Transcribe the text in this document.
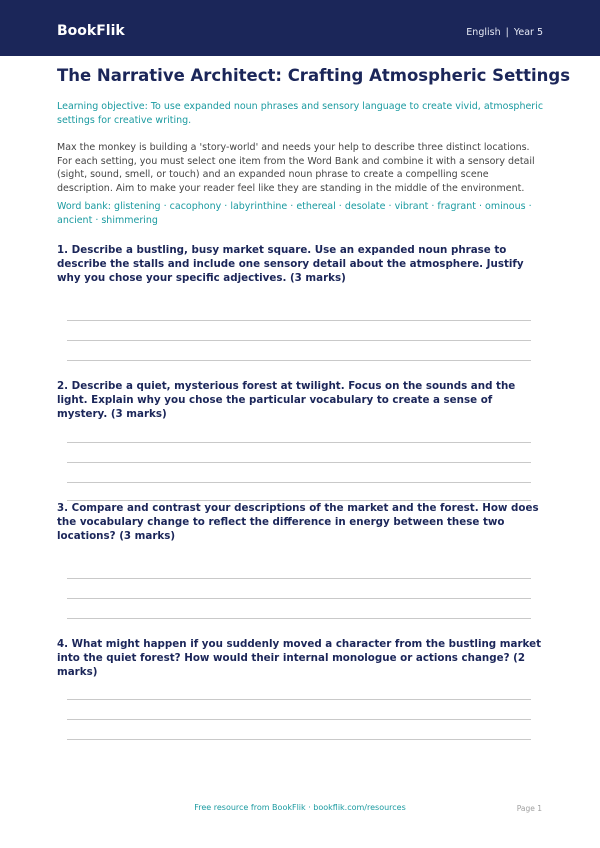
BookFlik	English | Year 5
The Narrative Architect: Crafting Atmospheric Settings
Learning objective: To use expanded noun phrases and sensory language to create vivid, atmospheric settings for creative writing.
Max the monkey is building a 'story-world' and needs your help to describe three distinct locations. For each setting, you must select one item from the Word Bank and combine it with a sensory detail (sight, sound, smell, or touch) and an expanded noun phrase to create a compelling scene description. Aim to make your reader feel like they are standing in the middle of the environment.
Word bank: glistening · cacophony · labyrinthine · ethereal · desolate · vibrant · fragrant · ominous · ancient · shimmering
1. Describe a bustling, busy market square. Use an expanded noun phrase to describe the stalls and include one sensory detail about the atmosphere. Justify why you chose your specific adjectives. (3 marks)
2. Describe a quiet, mysterious forest at twilight. Focus on the sounds and the light. Explain why you chose the particular vocabulary to create a sense of mystery. (3 marks)
3. Compare and contrast your descriptions of the market and the forest. How does the vocabulary change to reflect the difference in energy between these two locations? (3 marks)
4. What might happen if you suddenly moved a character from the bustling market into the quiet forest? How would their internal monologue or actions change? (2 marks)
Free resource from BookFlik · bookflik.com/resources	Page 1
